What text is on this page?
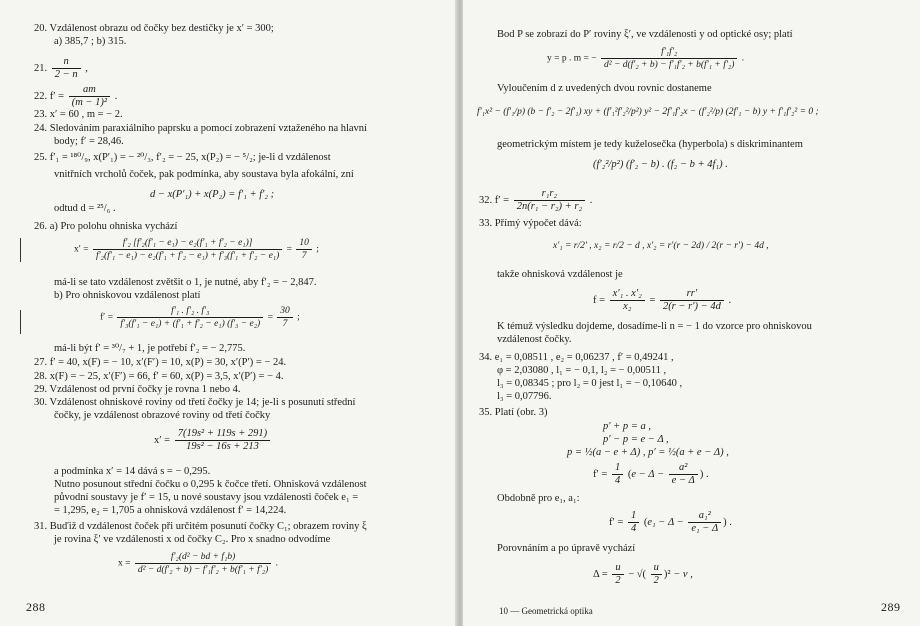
20. Vzdálenost obrazu od čočky bez destičky je x′ = 300;
a) 385,7 ; b) 315.
21. $\frac{n}{2 - n}$ ,
22. $f' = \frac{am}{\text{(m − 1)²}}$ .
23. x′ = 60 , m = − 2.
24. Sledováním paraxiálního paprsku a pomocí zobrazení vztaženého na hlavní
body; f′ = 28,46.
25. f′₁ = ¹⁸⁰/₉, x(P′₁) = − ²⁰/₃, f′₂ = − 25, x(P₂) = − ⁵/₂; je-li d vzdálenost
vnitřních vrcholů čoček, pak podmínka, aby soustava byla afokální, zní
d − x(P′₁) + x(P₂) = f′₁ + f′₂ ;
odtud d = ²⁵/₆ .
26. a) Pro polohu ohniska vychází
$x' = \frac{\text{f′₂ [f′₂(f′₁ − e₁) − e₂(f′₁ + f′₂ − e₁)]}}{\text{f′₂(f′₁ − e₁) − e₂(f′₁ + f′₂ − e₁) + f′₃(f′₁ + f′₂ − e₁)}} = \frac{10}{7}$ ;
má-li se tato vzdálenost zvětšit o 1, je nutné, aby f′₂ = − 2,847.
b) Pro ohniskovou vzdálenost platí
$f' = \frac{\text{f′₁ . f′₂ . f′₃}}{\text{f′₃(f′₁ − e₁) + (f′₁ + f′₂ − e₁) (f′₃ − e₂)}} = \frac{30}{7}$ ;
má-li být f′ = ³⁰/₇ + 1, je potřebí f′₂ = − 2,775.
27. f′ = 40, x(F) = − 10, x′(F′) = 10, x(P) = 30, x′(P′) = − 24.
28. x(F) = − 25, x′(F′) = 66, f′ = 60, x(P) = 3,5, x′(P′) = − 4.
29. Vzdálenost od první čočky je rovna 1 nebo 4.
30. Vzdálenost ohniskové roviny od třetí čočky je 14; je-li s posunutí střední
čočky, je vzdálenost obrazové roviny od třetí čočky
$x' = \frac{\text{7(19s² + 119s + 291)}}{\text{19s² − 16s + 213}}$
a podmínka x′ = 14 dává s = − 0,295.
Nutno posunout střední čočku o 0,295 k čočce třetí. Ohnisková vzdálenost
původní soustavy je f′ = 15, u nové soustavy jsou vzdálenosti čoček e₁ =
= 1,295, e₂ = 1,705 a ohnisková vzdálenost f′ = 14,224.
31. Buďiž d vzdálenost čoček při určitém posunutí čočky C₁; obrazem roviny ξ
je rovina ξ′ ve vzdálenosti x od čočky C₂. Pro x snadno odvodíme
$x = \frac{\text{f′₂(d² − bd + f₁b)}}{\text{d² − d(f′₂ + b) − f′₁f′₂ + b(f′₁ + f′₂)}}$ .
288
Bod P se zobrazí do P′ roviny ξ′, ve vzdálenosti y od optické osy; platí
y = p . m = − $\frac{\text{f′₁f′₂}}{\text{d² − d(f′₂ + b) − f′₁f′₂ + b(f′₁ + f′₂)}}$ .
Vyloučením d z uvedených dvou rovnic dostaneme
f′₁x² − (f′₁/p) (b − f′₂ − 2f′₁) xy + (f′₁²f′₂²/p²) y² − 2f′₁f′₂x − (f′₂²/p) (2f′₁ − b) y + f′₁f′₂² = 0 ;
geometrickým místem je tedy kuželosečka (hyperbola) s diskriminantem
(f′₂²/p²) (f′₂ − b) . (f₂ − b + 4f₁) .
32. $f' = \frac{\text{r₁r₂}}{\text{2n(r₁ − r₂) + r₂}}$ .
33. Přímý výpočet dává:
x′₁ = r/2′ , x₂ = r/2 − d , x′₂ = r′(r − 2d) / 2(r − r′) − 4d ,
takže ohnisková vzdálenost je
$f = \frac{\text{x′₁ . x′₂}}{\text{x₂}} = \frac{rr'}{2(r - r') - 4d}$ .
K témuž výsledku dojdeme, dosadíme-li n = − 1 do vzorce pro ohniskovou
vzdálenost čočky.
34. e₁ = 0,08511 , e₂ = 0,06237 , f′ = 0,49241 ,
φ = 2,03080 , l₁ = − 0,1, l₂ = − 0,00511 ,
l₃ = 0,08345 ; pro l₂ = 0 jest l₁ = − 0,10640 ,
l₃ = 0,07796.
35. Platí (obr. 3)
p′ + p = a ,
p′ − p = e − Δ ,
p = ½(a − e + Δ) , p′ = ½(a + e − Δ) ,
$f' = \frac{1}{4} (e - \Delta - \frac{\text{a²}}{e - \Delta}$ ) .
Obdobně pro e₁, a₁:
$f' = \frac{1}{4} (e_1 - \Delta - \frac{\text{a₁²}}{\text{e₁ − Δ}}$ ) .
Porovnáním a po úpravě vychází
$\Delta = \frac{u}{2}$ − √( $\frac{u}{2} )^2 - v$ ,
10 — Geometrická optika	289
